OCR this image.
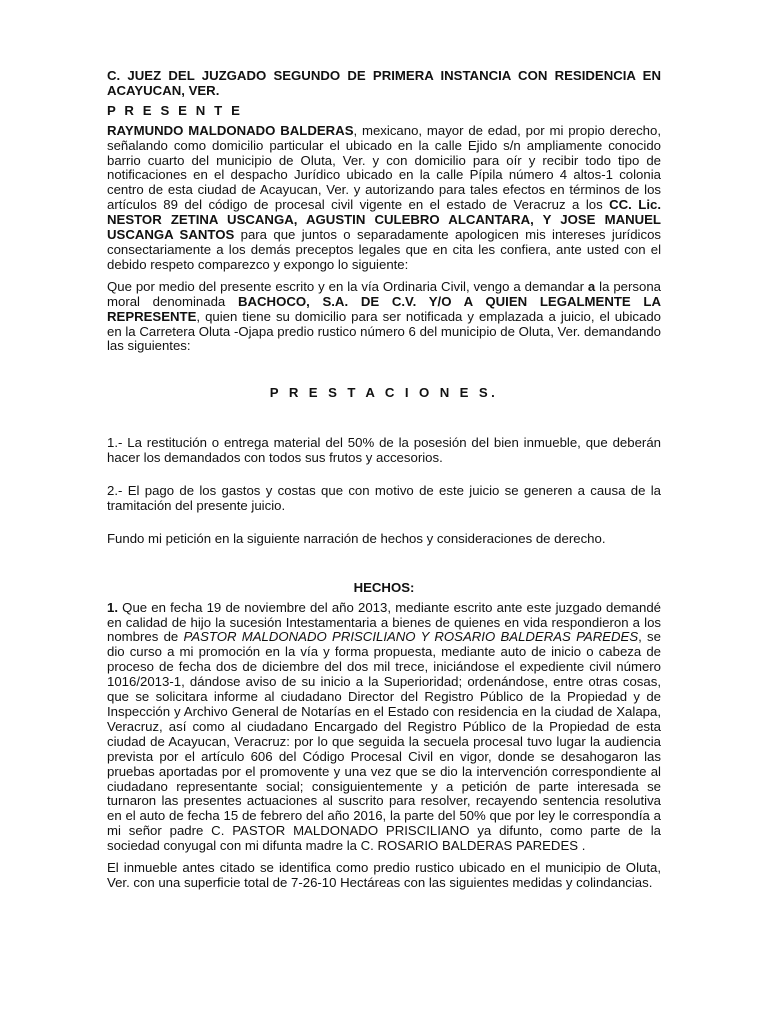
C. JUEZ DEL JUZGADO SEGUNDO DE PRIMERA INSTANCIA CON RESIDENCIA EN ACAYUCAN, VER.

P R E S E N T E

RAYMUNDO MALDONADO BALDERAS, mexicano, mayor de edad, por mi propio derecho, señalando como domicilio particular el ubicado en la calle Ejido s/n ampliamente conocido barrio cuarto del municipio de Oluta, Ver. y con domicilio para oír y recibir todo tipo de notificaciones en el despacho Jurídico ubicado en la calle Pípila número 4 altos-1 colonia centro de esta ciudad de Acayucan, Ver. y autorizando para tales efectos en términos de los artículos 89 del código de procesal civil vigente en el estado de Veracruz a los CC. Lic. NESTOR ZETINA USCANGA, AGUSTIN CULEBRO ALCANTARA, Y JOSE MANUEL USCANGA SANTOS para que juntos o separadamente apologicen mis intereses jurídicos consectariamente a los demás preceptos legales que en cita les confiera, ante usted con el debido respeto comparezco y expongo lo siguiente:

Que por medio del presente escrito y en la vía Ordinaria Civil, vengo a demandar a la persona moral denominada BACHOCO, S.A. DE C.V. Y/O A QUIEN LEGALMENTE LA REPRESENTE, quien tiene su domicilio para ser notificada y emplazada a juicio, el ubicado en la Carretera Oluta -Ojapa predio rustico número 6 del municipio de Oluta, Ver. demandando las siguientes:

P R E S T A C I O N E S.

1.- La restitución o entrega material del 50% de la posesión del bien inmueble, que deberán hacer los demandados con todos sus frutos y accesorios.

2.- El pago de los gastos y costas que con motivo de este juicio se generen a causa de la tramitación del presente juicio.

Fundo mi petición en la siguiente narración de hechos y consideraciones de derecho.

HECHOS:

1. Que en fecha 19 de noviembre del año 2013, mediante escrito ante este juzgado demandé en calidad de hijo la sucesión Intestamentaria a bienes de quienes en vida respondieron a los nombres de PASTOR MALDONADO PRISCILIANO Y ROSARIO BALDERAS PAREDES, se dio curso a mi promoción en la vía y forma propuesta, mediante auto de inicio o cabeza de proceso de fecha dos de diciembre del dos mil trece, iniciándose el expediente civil número 1016/2013-1, dándose aviso de su inicio a la Superioridad; ordenándose, entre otras cosas, que se solicitara informe al ciudadano Director del Registro Público de la Propiedad y de Inspección y Archivo General de Notarías en el Estado con residencia en la ciudad de Xalapa, Veracruz, así como al ciudadano Encargado del Registro Público de la Propiedad de esta ciudad de Acayucan, Veracruz: por lo que seguida la secuela procesal tuvo lugar la audiencia prevista por el artículo 606 del Código Procesal Civil en vigor, donde se desahogaron las pruebas aportadas por el promovente y una vez que se dio la intervención correspondiente al ciudadano representante social; consiguientemente y a petición de parte interesada se turnaron las presentes actuaciones al suscrito para resolver, recayendo sentencia resolutiva en el auto de fecha 15 de febrero del año 2016, la parte del 50% que por ley le correspondía a mi señor padre C. PASTOR MALDONADO PRISCILIANO ya difunto, como parte de la sociedad conyugal con mi difunta madre la C. ROSARIO BALDERAS PAREDES .

El inmueble antes citado se identifica como predio rustico ubicado en el municipio de Oluta, Ver. con una superficie total de 7-26-10 Hectáreas con las siguientes medidas y colindancias.
